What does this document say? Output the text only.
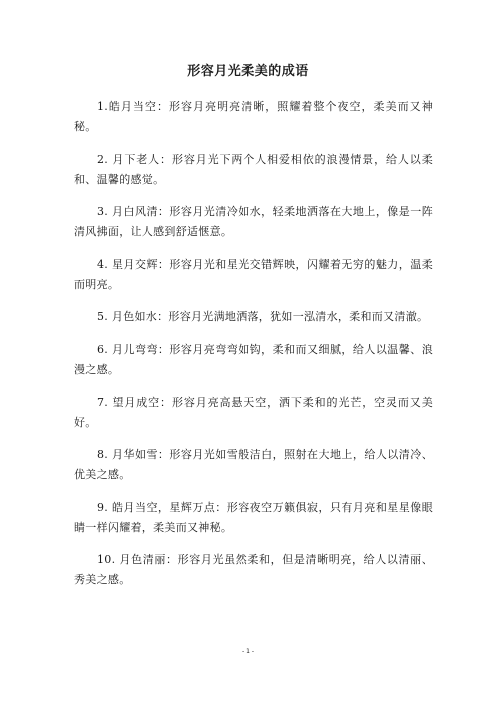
形容月光柔美的成语

1.皓月当空：形容月亮明亮清晰，照耀着整个夜空，柔美而又神秘。

2. 月下老人：形容月光下两个人相爱相依的浪漫情景，给人以柔和、温馨的感觉。

3. 月白风清：形容月光清冷如水，轻柔地洒落在大地上，像是一阵清风拂面，让人感到舒适惬意。

4. 星月交辉：形容月光和星光交错辉映，闪耀着无穷的魅力，温柔而明亮。

5. 月色如水：形容月光满地洒落，犹如一泓清水，柔和而又清澈。

6. 月儿弯弯：形容月亮弯弯如钩，柔和而又细腻，给人以温馨、浪漫之感。

7. 望月成空：形容月亮高悬天空，洒下柔和的光芒，空灵而又美好。

8. 月华如雪：形容月光如雪般洁白，照射在大地上，给人以清冷、优美之感。

9. 皓月当空，星辉万点：形容夜空万籁俱寂，只有月亮和星星像眼睛一样闪耀着，柔美而又神秘。

10. 月色清丽：形容月光虽然柔和，但是清晰明亮，给人以清丽、秀美之感。

- 1 -
